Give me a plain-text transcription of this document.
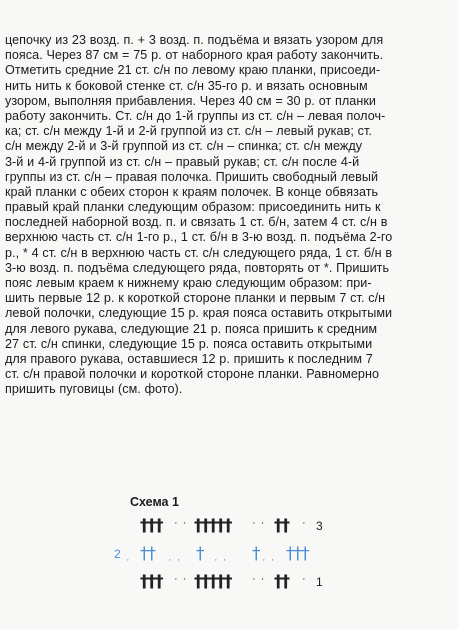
цепочку из 23 возд. п. + 3 возд. п. подъёма и вязать узором для
пояса. Через 87 см = 75 р. от наборного края работу закончить.
Отметить средние 21 ст. с/н по левому краю планки, присоеди-
нить нить к боковой стенке ст. с/н 35-го р. и вязать основным
узором, выполняя прибавления. Через 40 см = 30 р. от планки
работу закончить. Ст. с/н до 1-й группы из ст. с/н – левая полоч-
ка; ст. с/н между 1-й и 2-й группой из ст. с/н – левый рукав; ст.
с/н между 2-й и 3-й группой из ст. с/н – спинка; ст. с/н между
3-й и 4-й группой из ст. с/н – правый рукав; ст. с/н после 4-й
группы из ст. с/н – правая полочка. Пришить свободный левый
край планки с обеих сторон к краям полочек. В конце обвязать
правый край планки следующим образом: присоединить нить к
последней наборной возд. п. и связать 1 ст. б/н, затем 4 ст. с/н в
верхнюю часть ст. с/н 1-го р., 1 ст. б/н в 3-ю возд. п. подъёма 2-го
р., * 4 ст. с/н в верхнюю часть ст. с/н следующего ряда, 1 ст. б/н в
3-ю возд. п. подъёма следующего ряда, повторять от *. Пришить
пояс левым краем к нижнему краю следующим образом: при-
шить первые 12 р. к короткой стороне планки и первым 7 ст. с/н
левой полочки, следующие 15 р. края пояса оставить открытыми
для левого рукава, следующие 21 р. пояса пришить к средним
27 ст. с/н спинки, следующие 15 р. пояса оставить открытыми
для правого рукава, оставшиеся 12 р. пришить к последним 7
ст. с/н правой полочки и короткой стороне планки. Равномерно
пришить пуговицы (см. фото).
Схема 1
††† · · ††††† · · †† · 3
2 · †† · · † · · † · · †††
††† · · ††††† · · †† · 1
